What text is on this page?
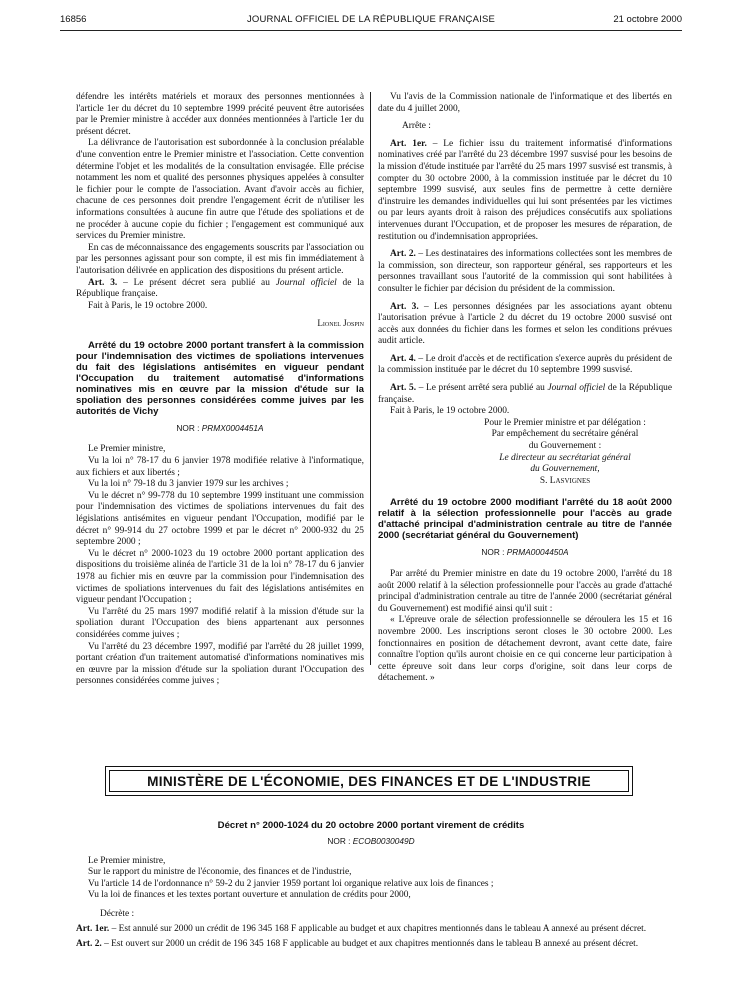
16856	JOURNAL OFFICIEL DE LA RÉPUBLIQUE FRANÇAISE	21 octobre 2000

défendre les intérêts matériels et moraux des personnes mentionnées à l'article 1er du décret du 10 septembre 1999 précité peuvent être autorisées par le Premier ministre à accéder aux données mentionnées à l'article 1er du présent décret.

La délivrance de l'autorisation est subordonnée à la conclusion préalable d'une convention entre le Premier ministre et l'association. Cette convention détermine l'objet et les modalités de la consultation envisagée. Elle précise notamment les nom et qualité des personnes physiques appelées à consulter le fichier pour le compte de l'association. Avant d'avoir accès au fichier, chacune de ces personnes doit prendre l'engagement écrit de n'utiliser les informations consultées à aucune fin autre que l'étude des spoliations et de ne procéder à aucune copie du fichier ; l'engagement est communiqué aux services du Premier ministre.

En cas de méconnaissance des engagements souscrits par l'association ou par les personnes agissant pour son compte, il est mis fin immédiatement à l'autorisation délivrée en application des dispositions du présent article.

Art. 3. – Le présent décret sera publié au Journal officiel de la République française.

Fait à Paris, le 19 octobre 2000.

Lionel Jospin

Arrêté du 19 octobre 2000 portant transfert à la commission pour l'indemnisation des victimes de spoliations intervenues du fait des législations antisémites en vigueur pendant l'Occupation du traitement automatisé d'informations nominatives mis en œuvre par la mission d'étude sur la spoliation des personnes considérées comme juives par les autorités de Vichy

NOR : PRMX0004451A

Le Premier ministre,

Vu la loi n° 78-17 du 6 janvier 1978 modifiée relative à l'informatique, aux fichiers et aux libertés ;

Vu la loi n° 79-18 du 3 janvier 1979 sur les archives ;

Vu le décret n° 99-778 du 10 septembre 1999 instituant une commission pour l'indemnisation des victimes de spoliations intervenues du fait des législations antisémites en vigueur pendant l'Occupation, modifié par le décret n° 99-914 du 27 octobre 1999 et par le décret n° 2000-932 du 25 septembre 2000 ;

Vu le décret n° 2000-1023 du 19 octobre 2000 portant application des dispositions du troisième alinéa de l'article 31 de la loi n° 78-17 du 6 janvier 1978 au fichier mis en œuvre par la commission pour l'indemnisation des victimes de spoliations intervenues du fait des législations antisémites en vigueur pendant l'Occupation ;

Vu l'arrêté du 25 mars 1997 modifié relatif à la mission d'étude sur la spoliation durant l'Occupation des biens appartenant aux personnes considérées comme juives ;

Vu l'arrêté du 23 décembre 1997, modifié par l'arrêté du 28 juillet 1999, portant création d'un traitement automatisé d'informations nominatives mis en œuvre par la mission d'étude sur la spoliation durant l'Occupation des personnes considérées comme juives ;

Vu l'avis de la Commission nationale de l'informatique et des libertés en date du 4 juillet 2000,

Arrête :

Art. 1er. – Le fichier issu du traitement informatisé d'informations nominatives créé par l'arrêté du 23 décembre 1997 susvisé pour les besoins de la mission d'étude instituée par l'arrêté du 25 mars 1997 susvisé est transmis, à compter du 30 octobre 2000, à la commission instituée par le décret du 10 septembre 1999 susvisé, aux seules fins de permettre à cette dernière d'instruire les demandes individuelles qui lui sont présentées par les victimes ou par leurs ayants droit à raison des préjudices consécutifs aux spoliations intervenues durant l'Occupation, et de proposer les mesures de réparation, de restitution ou d'indemnisation appropriées.

Art. 2. – Les destinataires des informations collectées sont les membres de la commission, son directeur, son rapporteur général, ses rapporteurs et les personnes travaillant sous l'autorité de la commission qui sont habilitées à consulter le fichier par décision du président de la commission.

Art. 3. – Les personnes désignées par les associations ayant obtenu l'autorisation prévue à l'article 2 du décret du 19 octobre 2000 susvisé ont accès aux données du fichier dans les formes et selon les conditions prévues audit article.

Art. 4. – Le droit d'accès et de rectification s'exerce auprès du président de la commission instituée par le décret du 10 septembre 1999 susvisé.

Art. 5. – Le présent arrêté sera publié au Journal officiel de la République française.

Fait à Paris, le 19 octobre 2000.

Pour le Premier ministre et par délégation :
Par empêchement du secrétaire général
du Gouvernement :
Le directeur au secrétariat général
du Gouvernement,
S. Lasvignes

Arrêté du 19 octobre 2000 modifiant l'arrêté du 18 août 2000 relatif à la sélection professionnelle pour l'accès au grade d'attaché principal d'administration centrale au titre de l'année 2000 (secrétariat général du Gouvernement)

NOR : PRMA0004450A

Par arrêté du Premier ministre en date du 19 octobre 2000, l'arrêté du 18 août 2000 relatif à la sélection professionnelle pour l'accès au grade d'attaché principal d'administration centrale au titre de l'année 2000 (secrétariat général du Gouvernement) est modifié ainsi qu'il suit :

« L'épreuve orale de sélection professionnelle se déroulera les 15 et 16 novembre 2000. Les inscriptions seront closes le 30 octobre 2000. Les fonctionnaires en position de détachement devront, avant cette date, faire connaître l'option qu'ils auront choisie en ce qui concerne leur participation à cette épreuve soit dans leur corps d'origine, soit dans leur corps de détachement. »

MINISTÈRE DE L'ÉCONOMIE, DES FINANCES ET DE L'INDUSTRIE
Décret n° 2000-1024 du 20 octobre 2000 portant virement de crédits
NOR : ECOB0030049D

Le Premier ministre,

Sur le rapport du ministre de l'économie, des finances et de l'industrie,

Vu l'article 14 de l'ordonnance n° 59-2 du 2 janvier 1959 portant loi organique relative aux lois de finances ;

Vu la loi de finances et les textes portant ouverture et annulation de crédits pour 2000,

Décrète :

Art. 1er. – Est annulé sur 2000 un crédit de 196 345 168 F applicable au budget et aux chapitres mentionnés dans le tableau A annexé au présent décret.

Art. 2. – Est ouvert sur 2000 un crédit de 196 345 168 F applicable au budget et aux chapitres mentionnés dans le tableau B annexé au présent décret.
